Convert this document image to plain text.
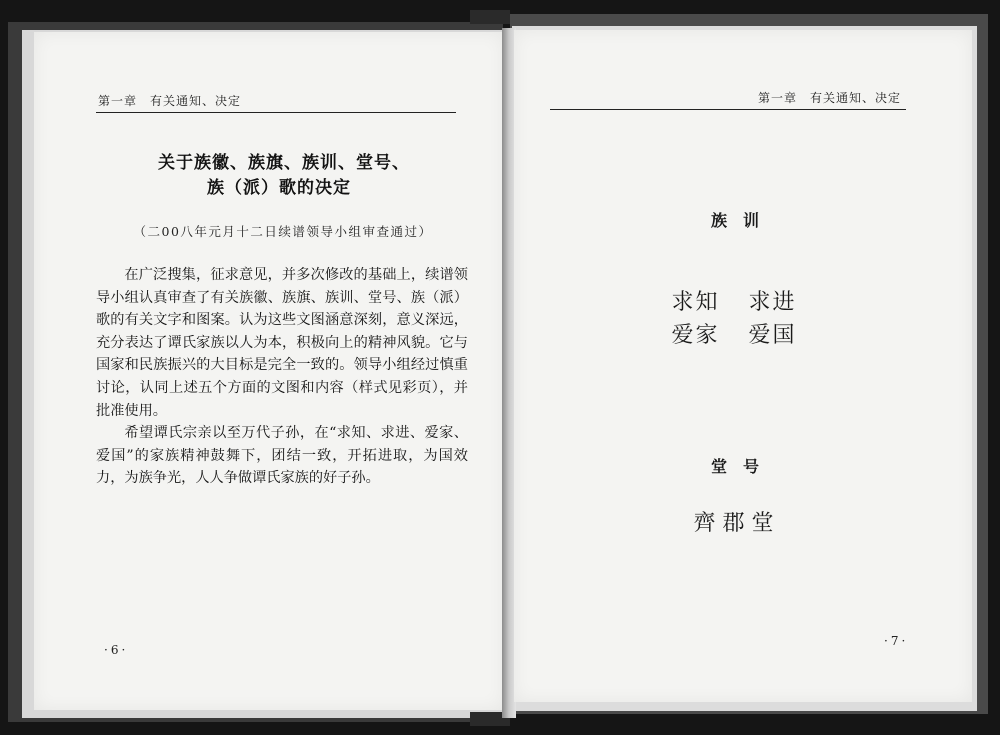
第一章　有关通知、决定
关于族徽、族旗、族训、堂号、
族（派）歌的决定
（二00八年元月十二日续谱领导小组审查通过）

在广泛搜集，征求意见，并多次修改的基础上，续谱领导小组认真审查了有关族徽、族旗、族训、堂号、族（派）歌的有关文字和图案。认为这些文图涵意深刻，意义深远，充分表达了谭氏家族以人为本，积极向上的精神风貌。它与国家和民族振兴的大目标是完全一致的。领导小组经过慎重讨论，认同上述五个方面的文图和内容（样式见彩页），并批准使用。

希望谭氏宗亲以至万代子孙，在“求知、求进、爱家、爱国”的家族精神鼓舞下，团结一致，开拓进取，为国效力，为族争光，人人争做谭氏家族的好子孙。

·6·
第一章　有关通知、决定
族　训
求知 求进
爱家 爱国
堂　号
齊郡堂
·7·
